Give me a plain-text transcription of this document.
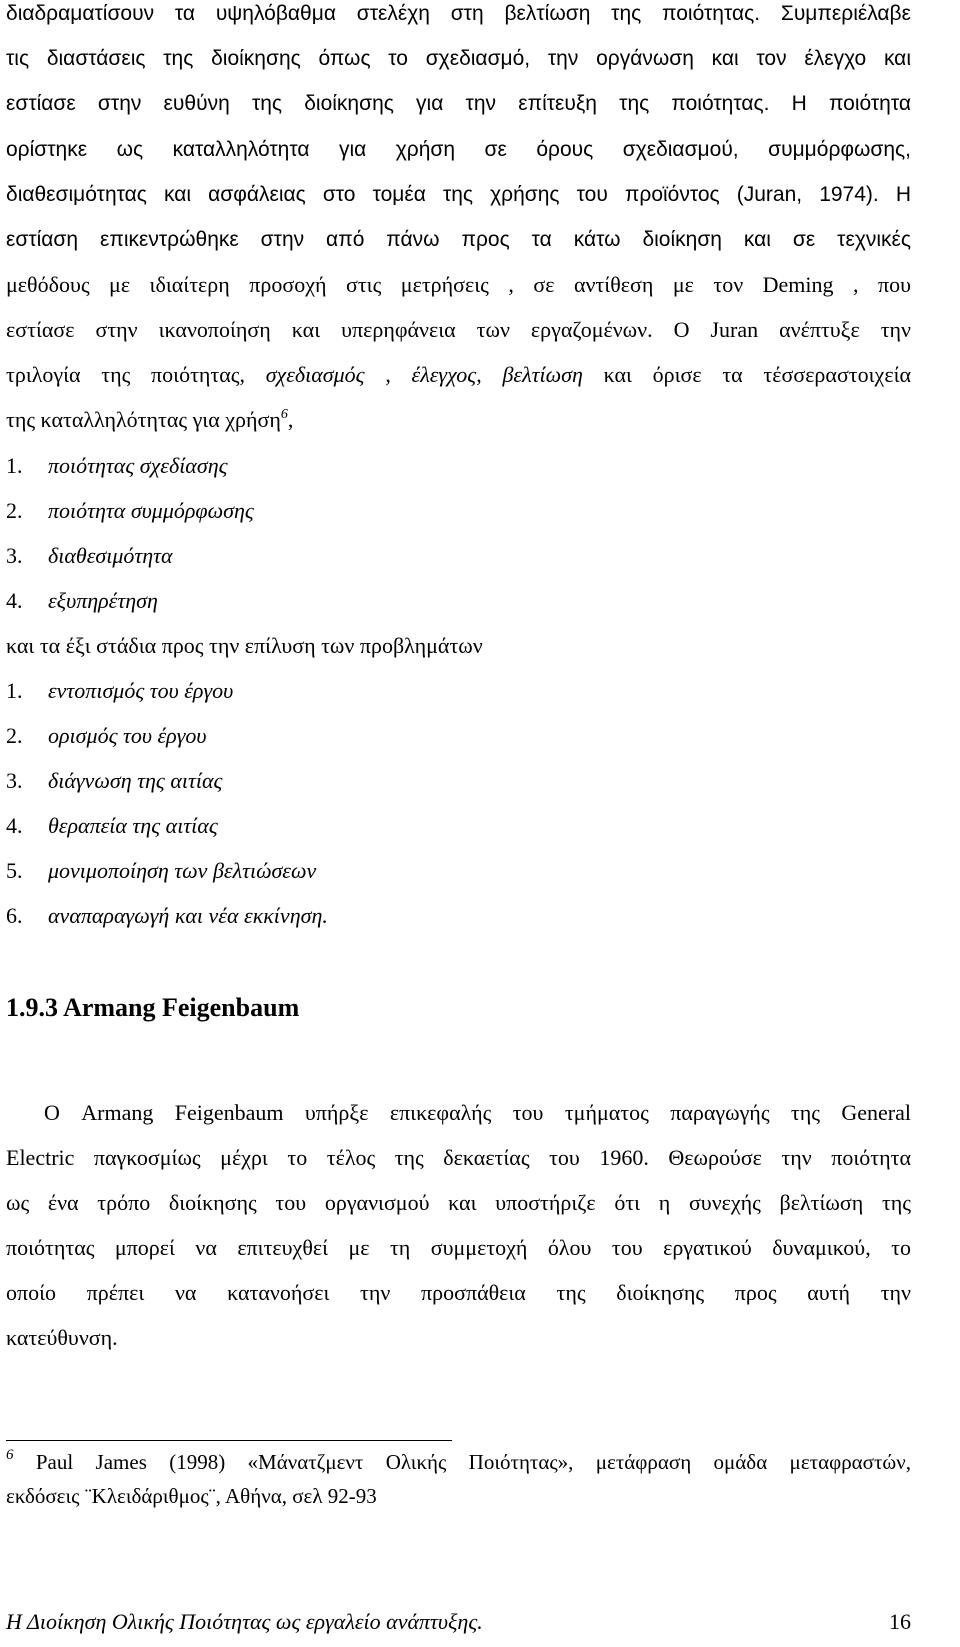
διαδραματίσουν τα υψηλόβαθμα στελέχη στη βελτίωση της ποιότητας. Συμπεριέλαβε
τις διαστάσεις της διοίκησης όπως το σχεδιασμό, την οργάνωση και τον έλεγχο και
εστίασε στην ευθύνη της διοίκησης για την επίτευξη της ποιότητας. Η ποιότητα
ορίστηκε ως καταλληλότητα για χρήση σε όρους σχεδιασμού, συμμόρφωσης,
διαθεσιμότητας και ασφάλειας στο τομέα της χρήσης του προϊόντος (Juran, 1974). Η
εστίαση επικεντρώθηκε στην από πάνω προς τα κάτω διοίκηση και σε τεχνικές
μεθόδους με ιδιαίτερη προσοχή στις μετρήσεις , σε αντίθεση με τον Deming , που
εστίασε στην ικανοποίηση και υπερηφάνεια των εργαζομένων. Ο Juran ανέπτυξε την
τριλογία της ποιότητας, σχεδιασμός , έλεγχος, βελτίωση και όρισε τα τέσσεραστοιχεία
της καταλληλότητας για χρήση$^6$,
1. ποιότητας σχεδίασης
2. ποιότητα συμμόρφωσης
3. διαθεσιμότητα
4. εξυπηρέτηση
και τα έξι στάδια προς την επίλυση των προβλημάτων
1. εντοπισμός του έργου
2. ορισμός του έργου
3. διάγνωση της αιτίας
4. θεραπεία της αιτίας
5. μονιμοποίηση των βελτιώσεων
6. αναπαραγωγή και νέα εκκίνηση.
1.9.3 Armang Feigenbaum
Ο Armang Feigenbaum υπήρξε επικεφαλής του τμήματος παραγωγής της General
Electric παγκοσμίως μέχρι το τέλος της δεκαετίας του 1960. Θεωρούσε την ποιότητα
ως ένα τρόπο διοίκησης του οργανισμού και υποστήριζε ότι η συνεχής βελτίωση της
ποιότητας μπορεί να επιτευχθεί με τη συμμετοχή όλου του εργατικού δυναμικού, το
οποίο πρέπει να κατανοήσει την προσπάθεια της διοίκησης προς αυτή την
κατεύθυνση.
$^6$ Paul James (1998) «Μάνατζμεντ Ολικής Ποιότητας», μετάφραση ομάδα μεταφραστών,
εκδόσεις ¨Κλειδάριθμος¨, Αθήνα, σελ 92-93
Η Διοίκηση Ολικής Ποιότητας ως εργαλείο ανάπτυξης.	16
